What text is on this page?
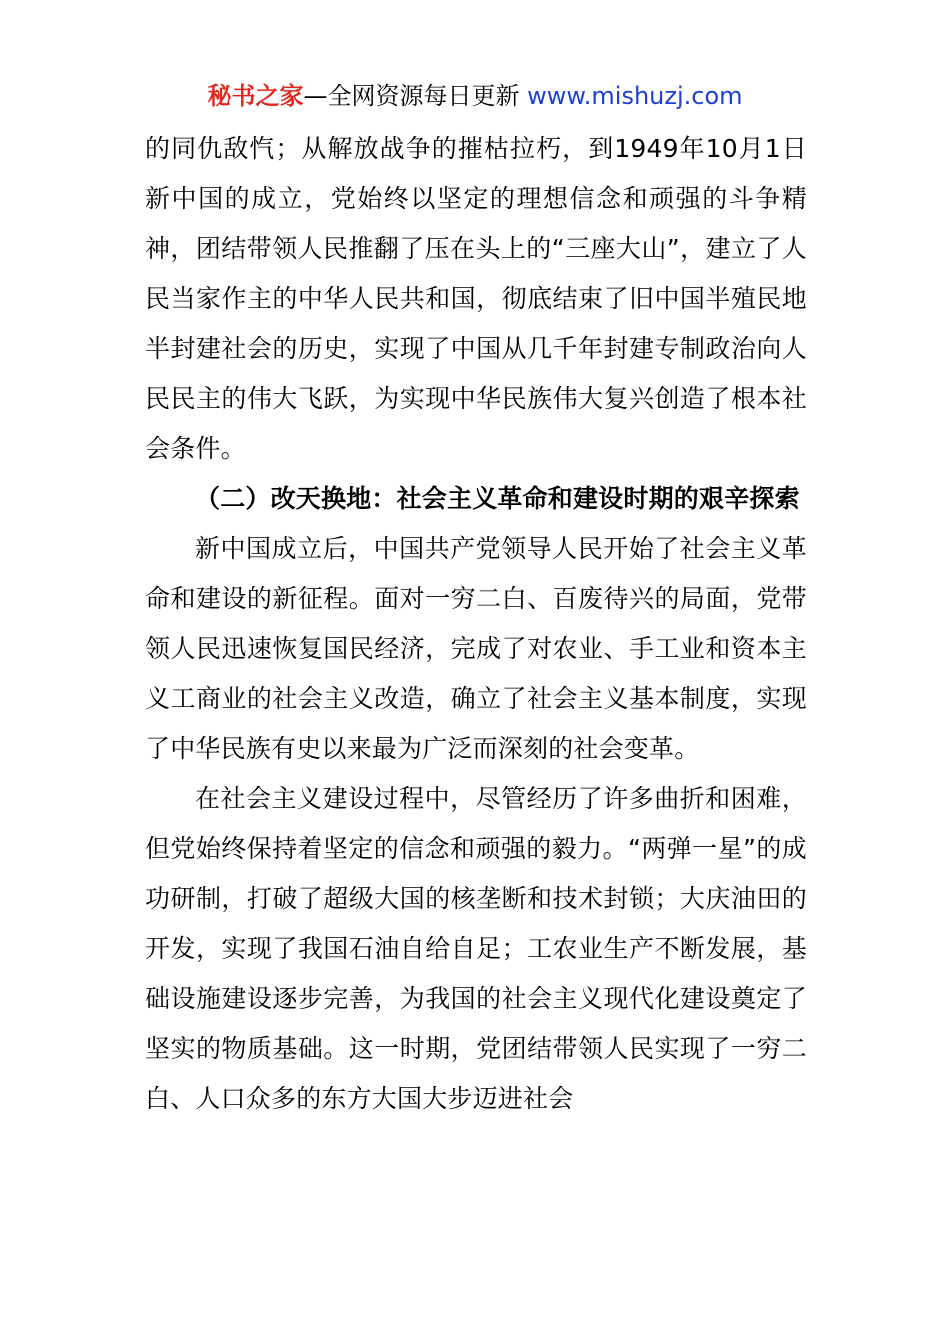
秘书之家—全网资源每日更新 www.mishuzj.com

的同仇敌忾；从解放战争的摧枯拉朽，到1949年10月1日新中国的成立，党始终以坚定的理想信念和顽强的斗争精神，团结带领人民推翻了压在头上的“三座大山”，建立了人民当家作主的中华人民共和国，彻底结束了旧中国半殖民地半封建社会的历史，实现了中国从几千年封建专制政治向人民民主的伟大飞跃，为实现中华民族伟大复兴创造了根本社会条件。

（二）改天换地：社会主义革命和建设时期的艰辛探索

新中国成立后，中国共产党领导人民开始了社会主义革命和建设的新征程。面对一穷二白、百废待兴的局面，党带领人民迅速恢复国民经济，完成了对农业、手工业和资本主义工商业的社会主义改造，确立了社会主义基本制度，实现了中华民族有史以来最为广泛而深刻的社会变革。

在社会主义建设过程中，尽管经历了许多曲折和困难，但党始终保持着坚定的信念和顽强的毅力。“两弹一星”的成功研制，打破了超级大国的核垄断和技术封锁；大庆油田的开发，实现了我国石油自给自足；工农业生产不断发展，基础设施建设逐步完善，为我国的社会主义现代化建设奠定了坚实的物质基础。这一时期，党团结带领人民实现了一穷二白、人口众多的东方大国大步迈进社会
